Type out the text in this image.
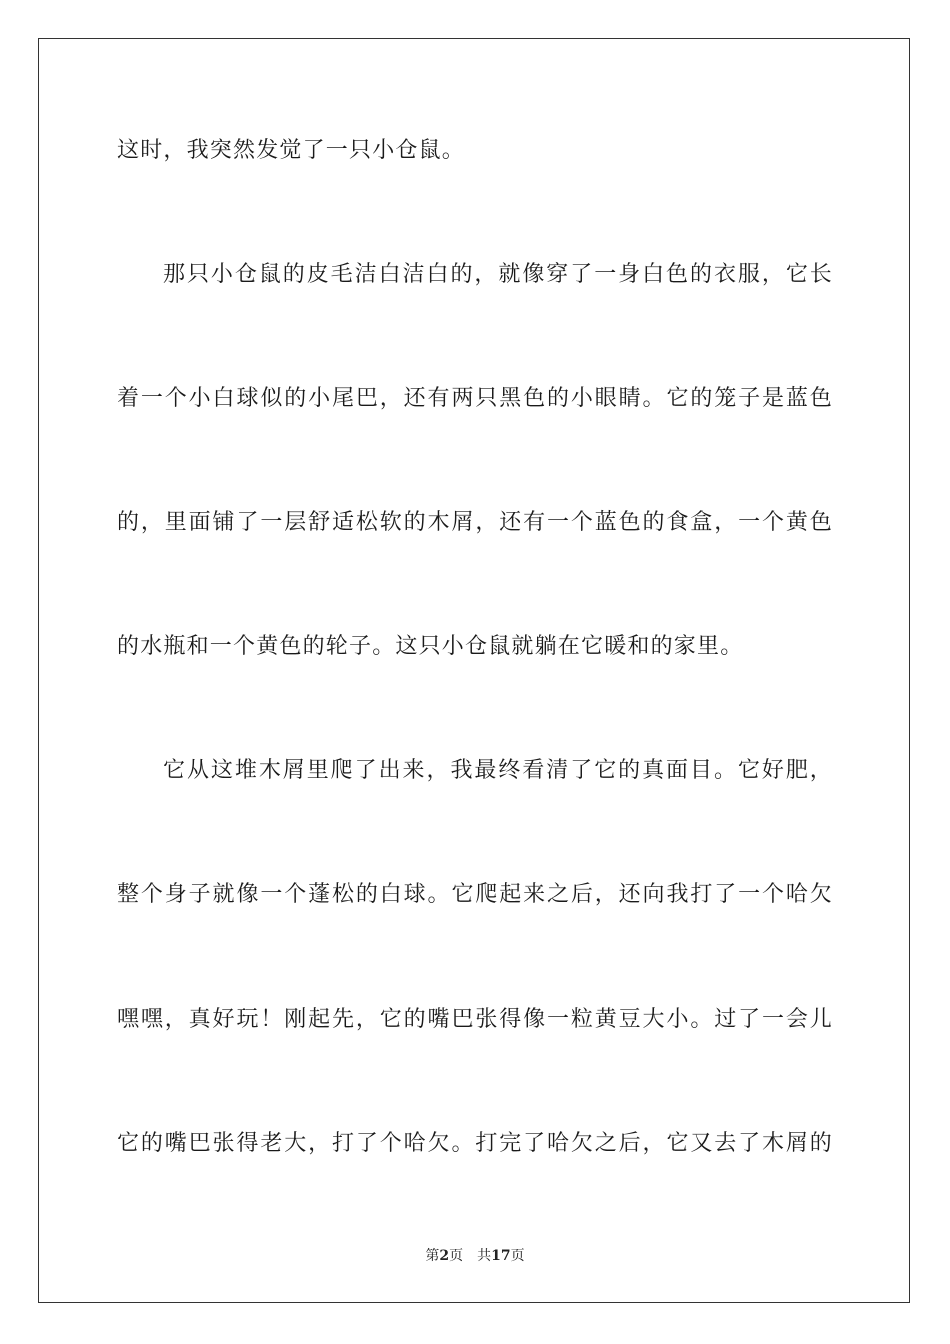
这时，我突然发觉了一只小仓鼠。
那只小仓鼠的皮毛洁白洁白的，就像穿了一身白色的衣服，它长
着一个小白球似的小尾巴，还有两只黑色的小眼睛。它的笼子是蓝色
的，里面铺了一层舒适松软的木屑，还有一个蓝色的食盒，一个黄色
的水瓶和一个黄色的轮子。这只小仓鼠就躺在它暖和的家里。
它从这堆木屑里爬了出来，我最终看清了它的真面目。它好肥，
整个身子就像一个蓬松的白球。它爬起来之后，还向我打了一个哈欠
嘿嘿，真好玩！刚起先，它的嘴巴张得像一粒黄豆大小。过了一会儿
它的嘴巴张得老大，打了个哈欠。打完了哈欠之后，它又去了木屑的
第2页 共17页
